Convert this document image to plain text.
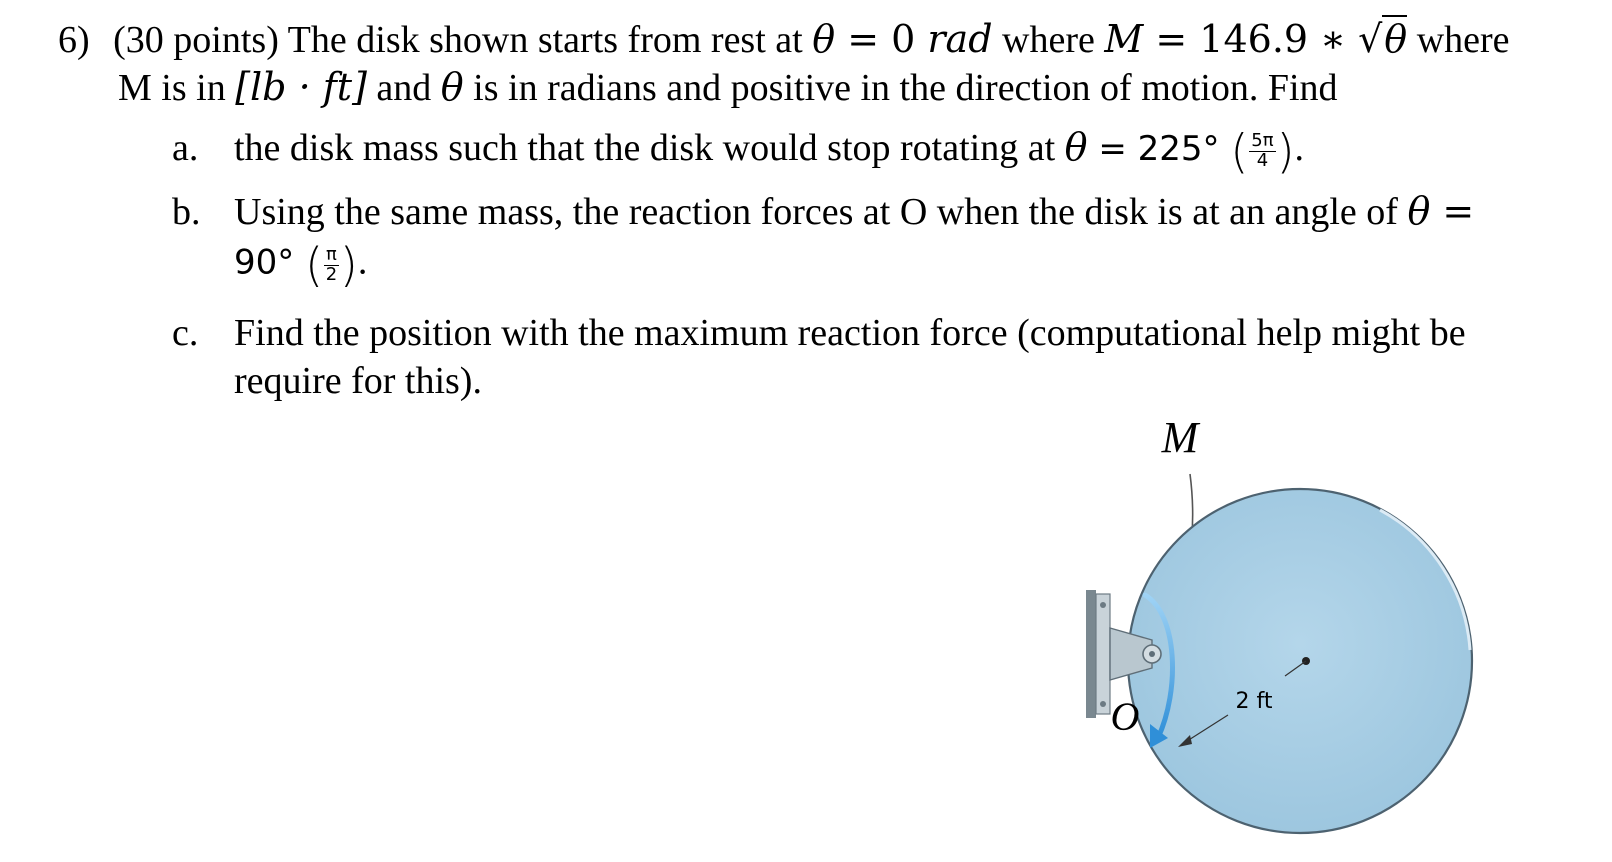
6) (30 points) The disk shown starts from rest at θ = 0 rad where M = 146.9 ∗ √θ where
M is in [lb · ft] and θ is in radians and positive in the direction of motion. Find
a. the disk mass such that the disk would stop rotating at θ = 225° ( $\frac{5\pi}{4}$ ).
b. Using the same mass, the reaction forces at O when the disk is at an angle of θ =
90° ( $\frac{\pi}{2}$ ).
c. Find the position with the maximum reaction force (computational help might be
require for this).
M
O	2 ft
